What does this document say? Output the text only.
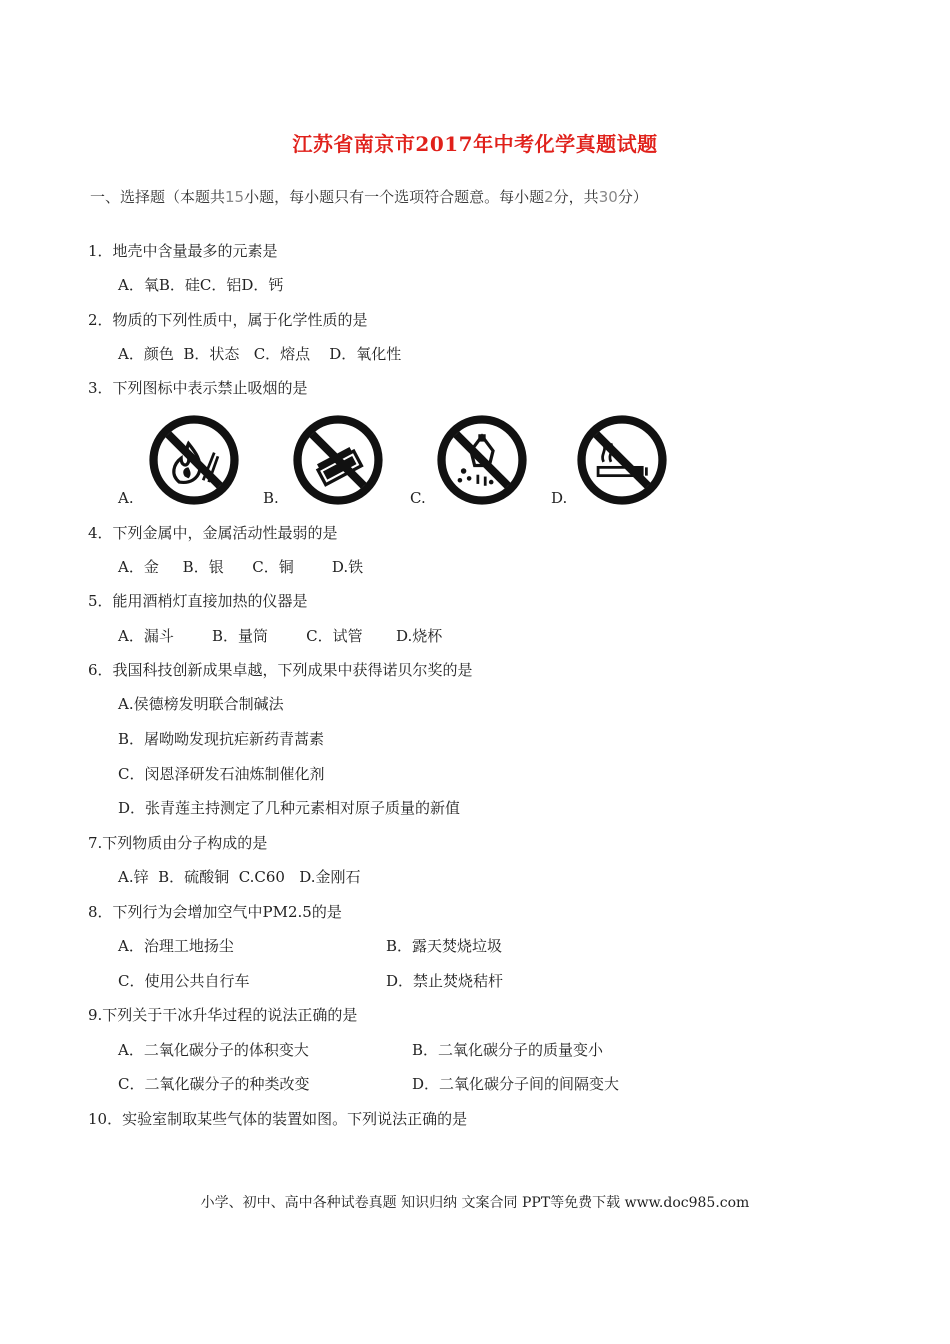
江苏省南京市2017年中考化学真题试题
一、选择题（本题共15小题，每小题只有一个选项符合题意。每小题2分，共30分）
1．地壳中含量最多的元素是
A．氧B．硅C．铝D．钙
2．物质的下列性质中，属于化学性质的是
A．颜色  B．状态   C．熔点    D．氧化性
3．下列图标中表示禁止吸烟的是
A.	B.	C.	D.
4．下列金属中，金属活动性最弱的是
A．金     B．银      C．铜        D.铁
5．能用酒梢灯直接加热的仪器是
A．漏斗        B．量筒        C．试管       D.烧杯
6．我国科技创新成果卓越，下列成果中获得诺贝尔奖的是
A.侯德榜发明联合制碱法
B．屠呦呦发现抗疟新药青蒿素
C．闵恩泽研发石油炼制催化剂
D．张青莲主持测定了几种元素相对原子质量的新值
7.下列物质由分子构成的是
A.锌  B．硫酸铜  C.C60   D.金刚石
8．下列行为会增加空气中PM2.5的是
A．治理工地扬尘	B．露天焚烧垃圾
C．使用公共自行车	D．禁止焚烧秸杆
9.下列关于干冰升华过程的说法正确的是
A．二氧化碳分子的体积变大	B．二氧化碳分子的质量变小
C．二氧化碳分子的种类改变	D．二氧化碳分子间的间隔变大
10．实验室制取某些气体的装置如图。下列说法正确的是
小学、初中、高中各种试卷真题 知识归纳 文案合同 PPT等免费下载 www.doc985.com
